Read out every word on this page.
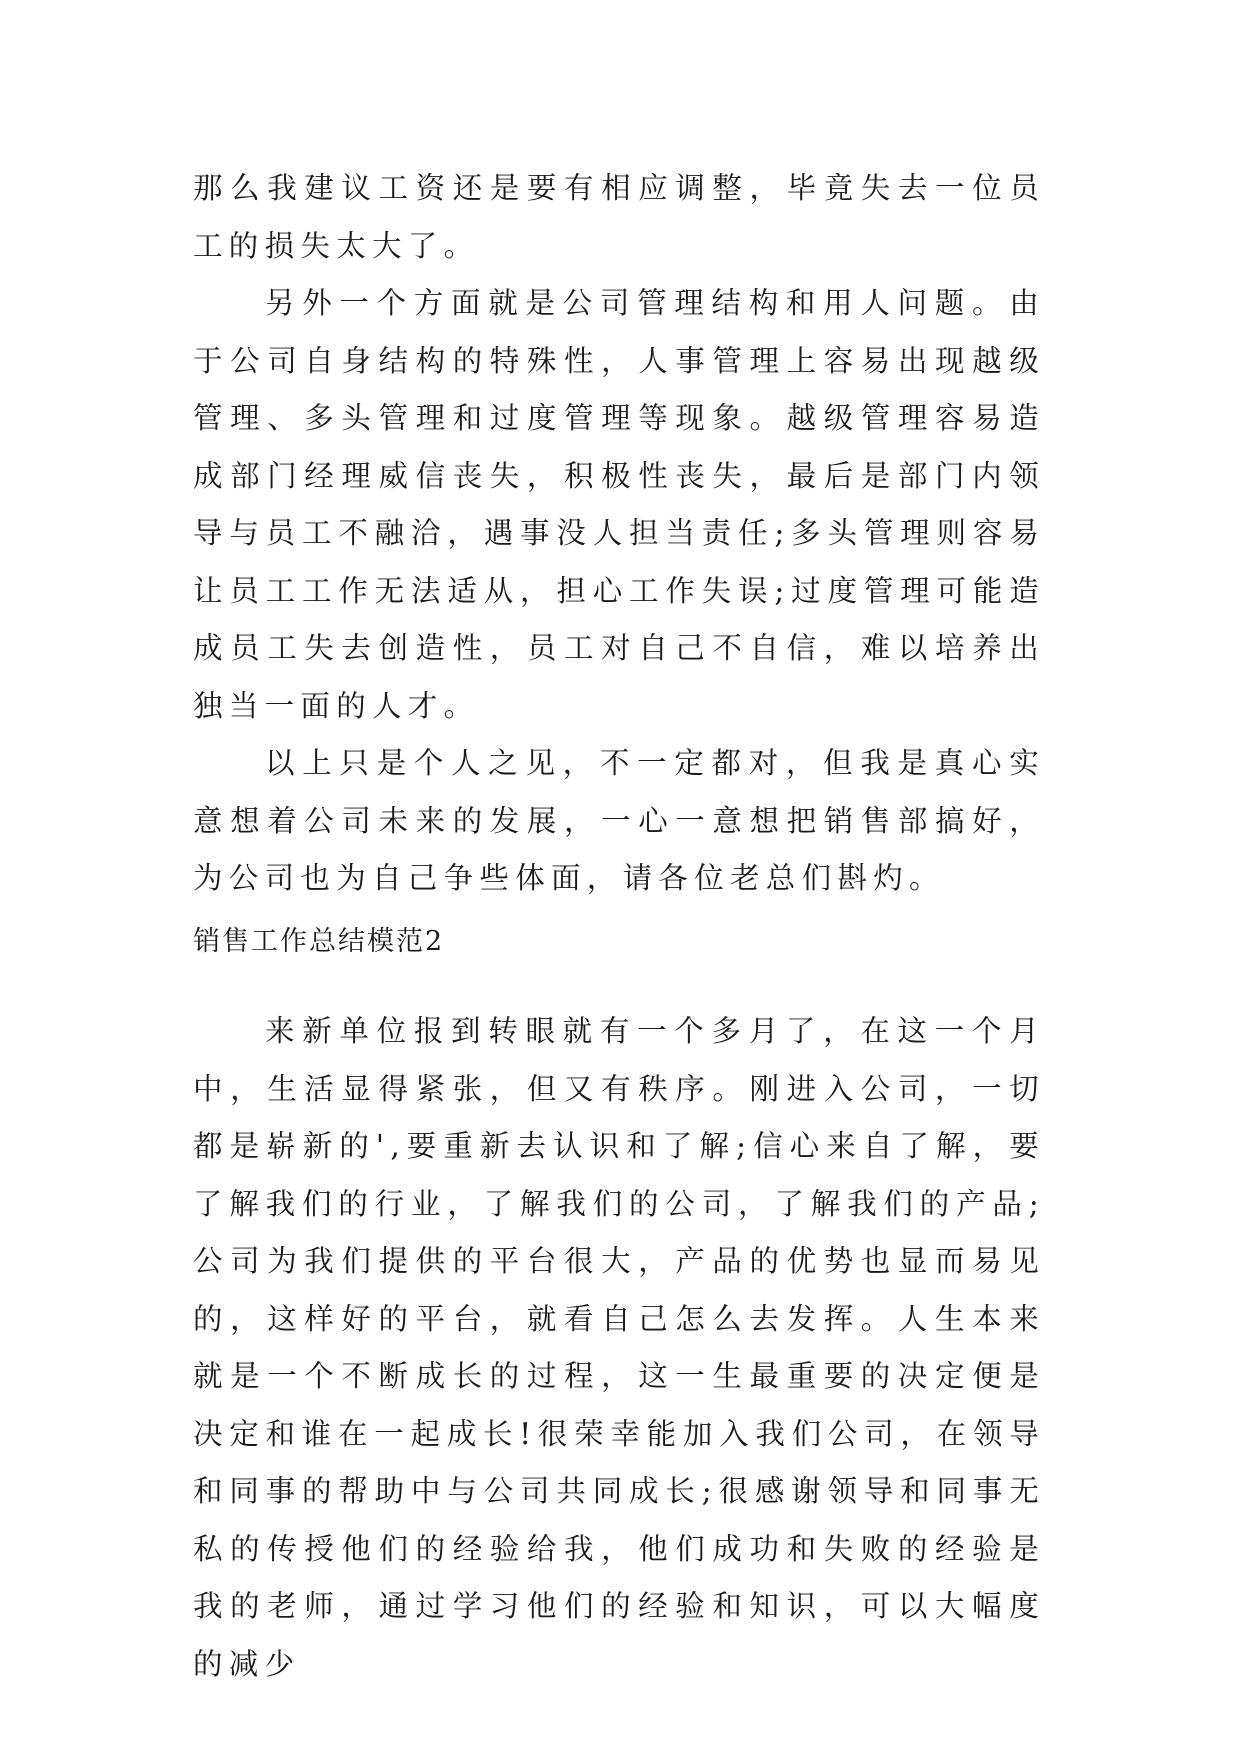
那么我建议工资还是要有相应调整，毕竟失去一位员工的损失太大了。

另外一个方面就是公司管理结构和用人问题。由于公司自身结构的特殊性，人事管理上容易出现越级管理、多头管理和过度管理等现象。越级管理容易造成部门经理威信丧失，积极性丧失，最后是部门内领导与员工不融洽，遇事没人担当责任;多头管理则容易让员工工作无法适从，担心工作失误;过度管理可能造成员工失去创造性，员工对自己不自信，难以培养出独当一面的人才。

以上只是个人之见，不一定都对，但我是真心实意想着公司未来的发展，一心一意想把销售部搞好，为公司也为自己争些体面，请各位老总们斟灼。

销售工作总结模范2

来新单位报到转眼就有一个多月了，在这一个月中，生活显得紧张，但又有秩序。刚进入公司，一切都是崭新的',要重新去认识和了解;信心来自了解，要了解我们的行业，了解我们的公司，了解我们的产品;公司为我们提供的平台很大，产品的优势也显而易见的，这样好的平台，就看自己怎么去发挥。人生本来就是一个不断成长的过程，这一生最重要的决定便是决定和谁在一起成长!很荣幸能加入我们公司，在领导和同事的帮助中与公司共同成长;很感谢领导和同事无私的传授他们的经验给我，他们成功和失败的经验是我的老师，通过学习他们的经验和知识，可以大幅度的减少
